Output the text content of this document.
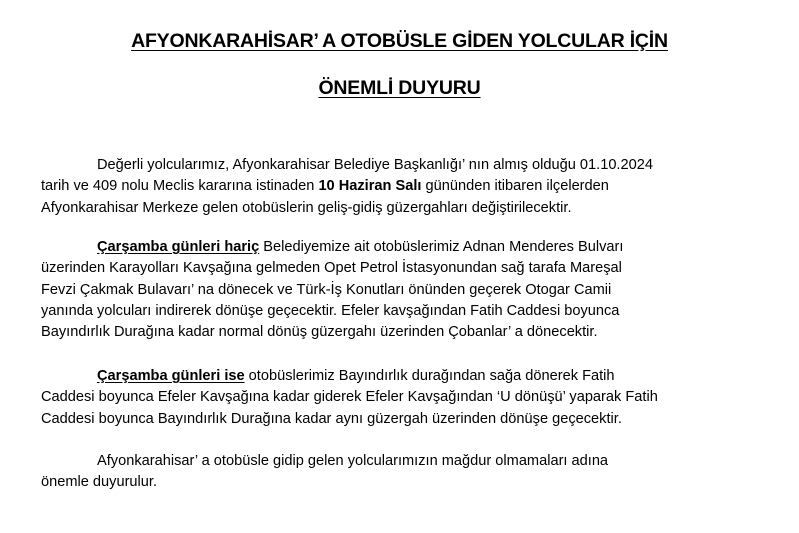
AFYONKARAHİSAR’ A OTOBÜSLE GİDEN YOLCULAR İÇİN
ÖNEMLİ DUYURU
Değerli yolcularımız, Afyonkarahisar Belediye Başkanlığı’ nın almış olduğu 01.10.2024
tarih ve 409 nolu Meclis kararına istinaden 10 Haziran Salı gününden itibaren ilçelerden
Afyonkarahisar Merkeze gelen otobüslerin geliş-gidiş güzergahları değiştirilecektir.
Çarşamba günleri hariç Belediyemize ait otobüslerimiz Adnan Menderes Bulvarı
üzerinden Karayolları Kavşağına gelmeden Opet Petrol İstasyonundan sağ tarafa Mareşal
Fevzi Çakmak Bulavarı’ na dönecek ve Türk-İş Konutları önünden geçerek Otogar Camii
yanında yolcuları indirerek dönüşe geçecektir. Efeler kavşağından Fatih Caddesi boyunca
Bayındırlık Durağına kadar normal dönüş güzergahı üzerinden Çobanlar’ a dönecektir.
Çarşamba günleri ise otobüslerimiz Bayındırlık durağından sağa dönerek Fatih
Caddesi boyunca Efeler Kavşağına kadar giderek Efeler Kavşağından ‘U dönüşü’ yaparak Fatih
Caddesi boyunca Bayındırlık Durağına kadar aynı güzergah üzerinden dönüşe geçecektir.
Afyonkarahisar’ a otobüsle gidip gelen yolcularımızın mağdur olmamaları adına
önemle duyurulur.
